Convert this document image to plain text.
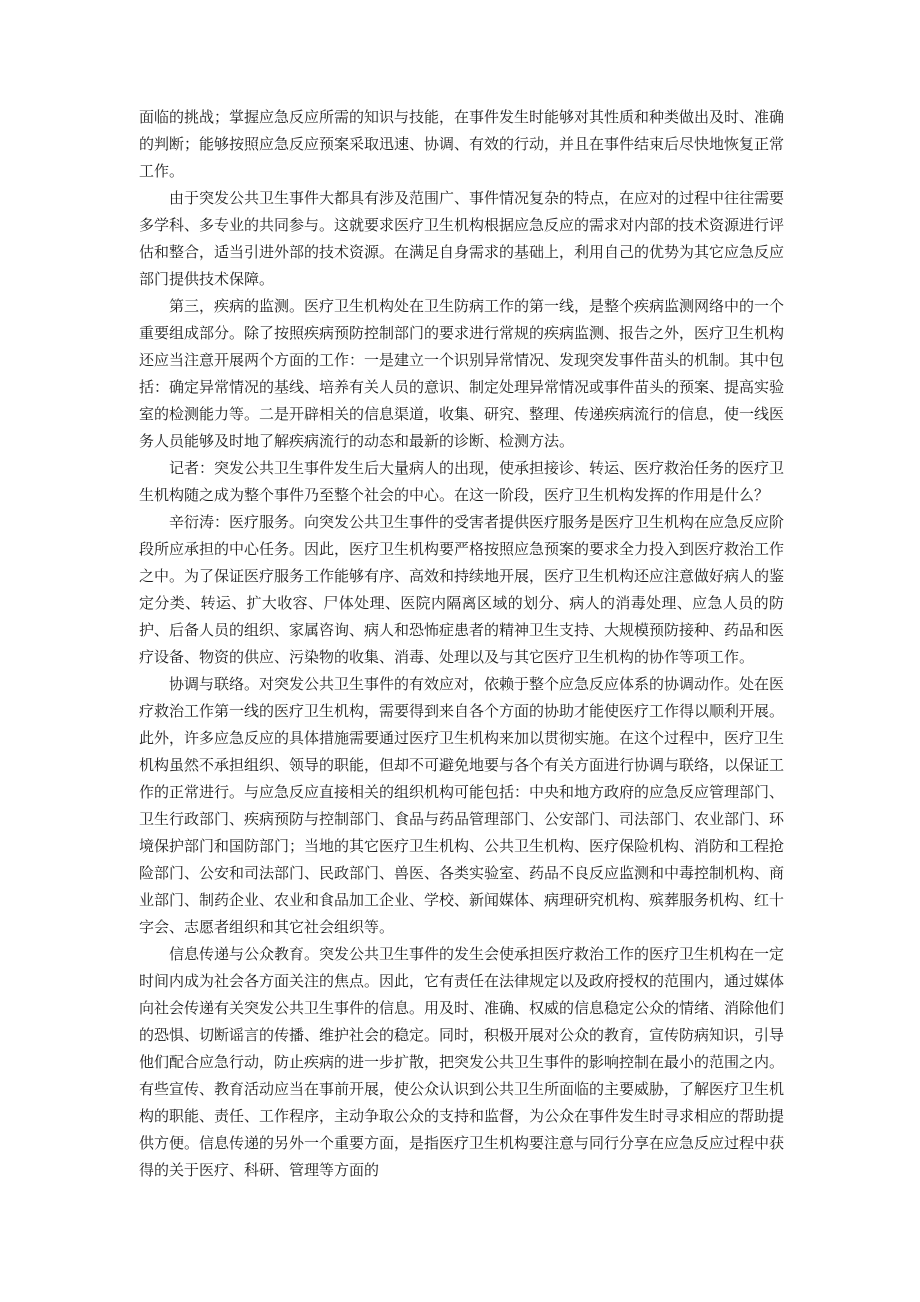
面临的挑战；掌握应急反应所需的知识与技能，在事件发生时能够对其性质和种类做出及时、准确的判断；能够按照应急反应预案采取迅速、协调、有效的行动，并且在事件结束后尽快地恢复正常工作。

由于突发公共卫生事件大都具有涉及范围广、事件情况复杂的特点，在应对的过程中往往需要多学科、多专业的共同参与。这就要求医疗卫生机构根据应急反应的需求对内部的技术资源进行评估和整合，适当引进外部的技术资源。在满足自身需求的基础上，利用自己的优势为其它应急反应部门提供技术保障。

第三，疾病的监测。医疗卫生机构处在卫生防病工作的第一线，是整个疾病监测网络中的一个重要组成部分。除了按照疾病预防控制部门的要求进行常规的疾病监测、报告之外，医疗卫生机构还应当注意开展两个方面的工作：一是建立一个识别异常情况、发现突发事件苗头的机制。其中包括：确定异常情况的基线、培养有关人员的意识、制定处理异常情况或事件苗头的预案、提高实验室的检测能力等。二是开辟相关的信息渠道，收集、研究、整理、传递疾病流行的信息，使一线医务人员能够及时地了解疾病流行的动态和最新的诊断、检测方法。

记者：突发公共卫生事件发生后大量病人的出现，使承担接诊、转运、医疗救治任务的医疗卫生机构随之成为整个事件乃至整个社会的中心。在这一阶段，医疗卫生机构发挥的作用是什么？

辛衍涛：医疗服务。向突发公共卫生事件的受害者提供医疗服务是医疗卫生机构在应急反应阶段所应承担的中心任务。因此，医疗卫生机构要严格按照应急预案的要求全力投入到医疗救治工作之中。为了保证医疗服务工作能够有序、高效和持续地开展，医疗卫生机构还应注意做好病人的鉴定分类、转运、扩大收容、尸体处理、医院内隔离区域的划分、病人的消毒处理、应急人员的防护、后备人员的组织、家属咨询、病人和恐怖症患者的精神卫生支持、大规模预防接种、药品和医疗设备、物资的供应、污染物的收集、消毒、处理以及与其它医疗卫生机构的协作等项工作。

协调与联络。对突发公共卫生事件的有效应对，依赖于整个应急反应体系的协调动作。处在医疗救治工作第一线的医疗卫生机构，需要得到来自各个方面的协助才能使医疗工作得以顺利开展。此外，许多应急反应的具体措施需要通过医疗卫生机构来加以贯彻实施。在这个过程中，医疗卫生机构虽然不承担组织、领导的职能，但却不可避免地要与各个有关方面进行协调与联络，以保证工作的正常进行。与应急反应直接相关的组织机构可能包括：中央和地方政府的应急反应管理部门、卫生行政部门、疾病预防与控制部门、食品与药品管理部门、公安部门、司法部门、农业部门、环境保护部门和国防部门；当地的其它医疗卫生机构、公共卫生机构、医疗保险机构、消防和工程抢险部门、公安和司法部门、民政部门、兽医、各类实验室、药品不良反应监测和中毒控制机构、商业部门、制药企业、农业和食品加工企业、学校、新闻媒体、病理研究机构、殡葬服务机构、红十字会、志愿者组织和其它社会组织等。

信息传递与公众教育。突发公共卫生事件的发生会使承担医疗救治工作的医疗卫生机构在一定时间内成为社会各方面关注的焦点。因此，它有责任在法律规定以及政府授权的范围内，通过媒体向社会传递有关突发公共卫生事件的信息。用及时、准确、权威的信息稳定公众的情绪、消除他们的恐惧、切断谣言的传播、维护社会的稳定。同时，积极开展对公众的教育，宣传防病知识，引导他们配合应急行动，防止疾病的进一步扩散，把突发公共卫生事件的影响控制在最小的范围之内。有些宣传、教育活动应当在事前开展，使公众认识到公共卫生所面临的主要威胁，了解医疗卫生机构的职能、责任、工作程序，主动争取公众的支持和监督，为公众在事件发生时寻求相应的帮助提供方便。信息传递的另外一个重要方面，是指医疗卫生机构要注意与同行分享在应急反应过程中获得的关于医疗、科研、管理等方面的
